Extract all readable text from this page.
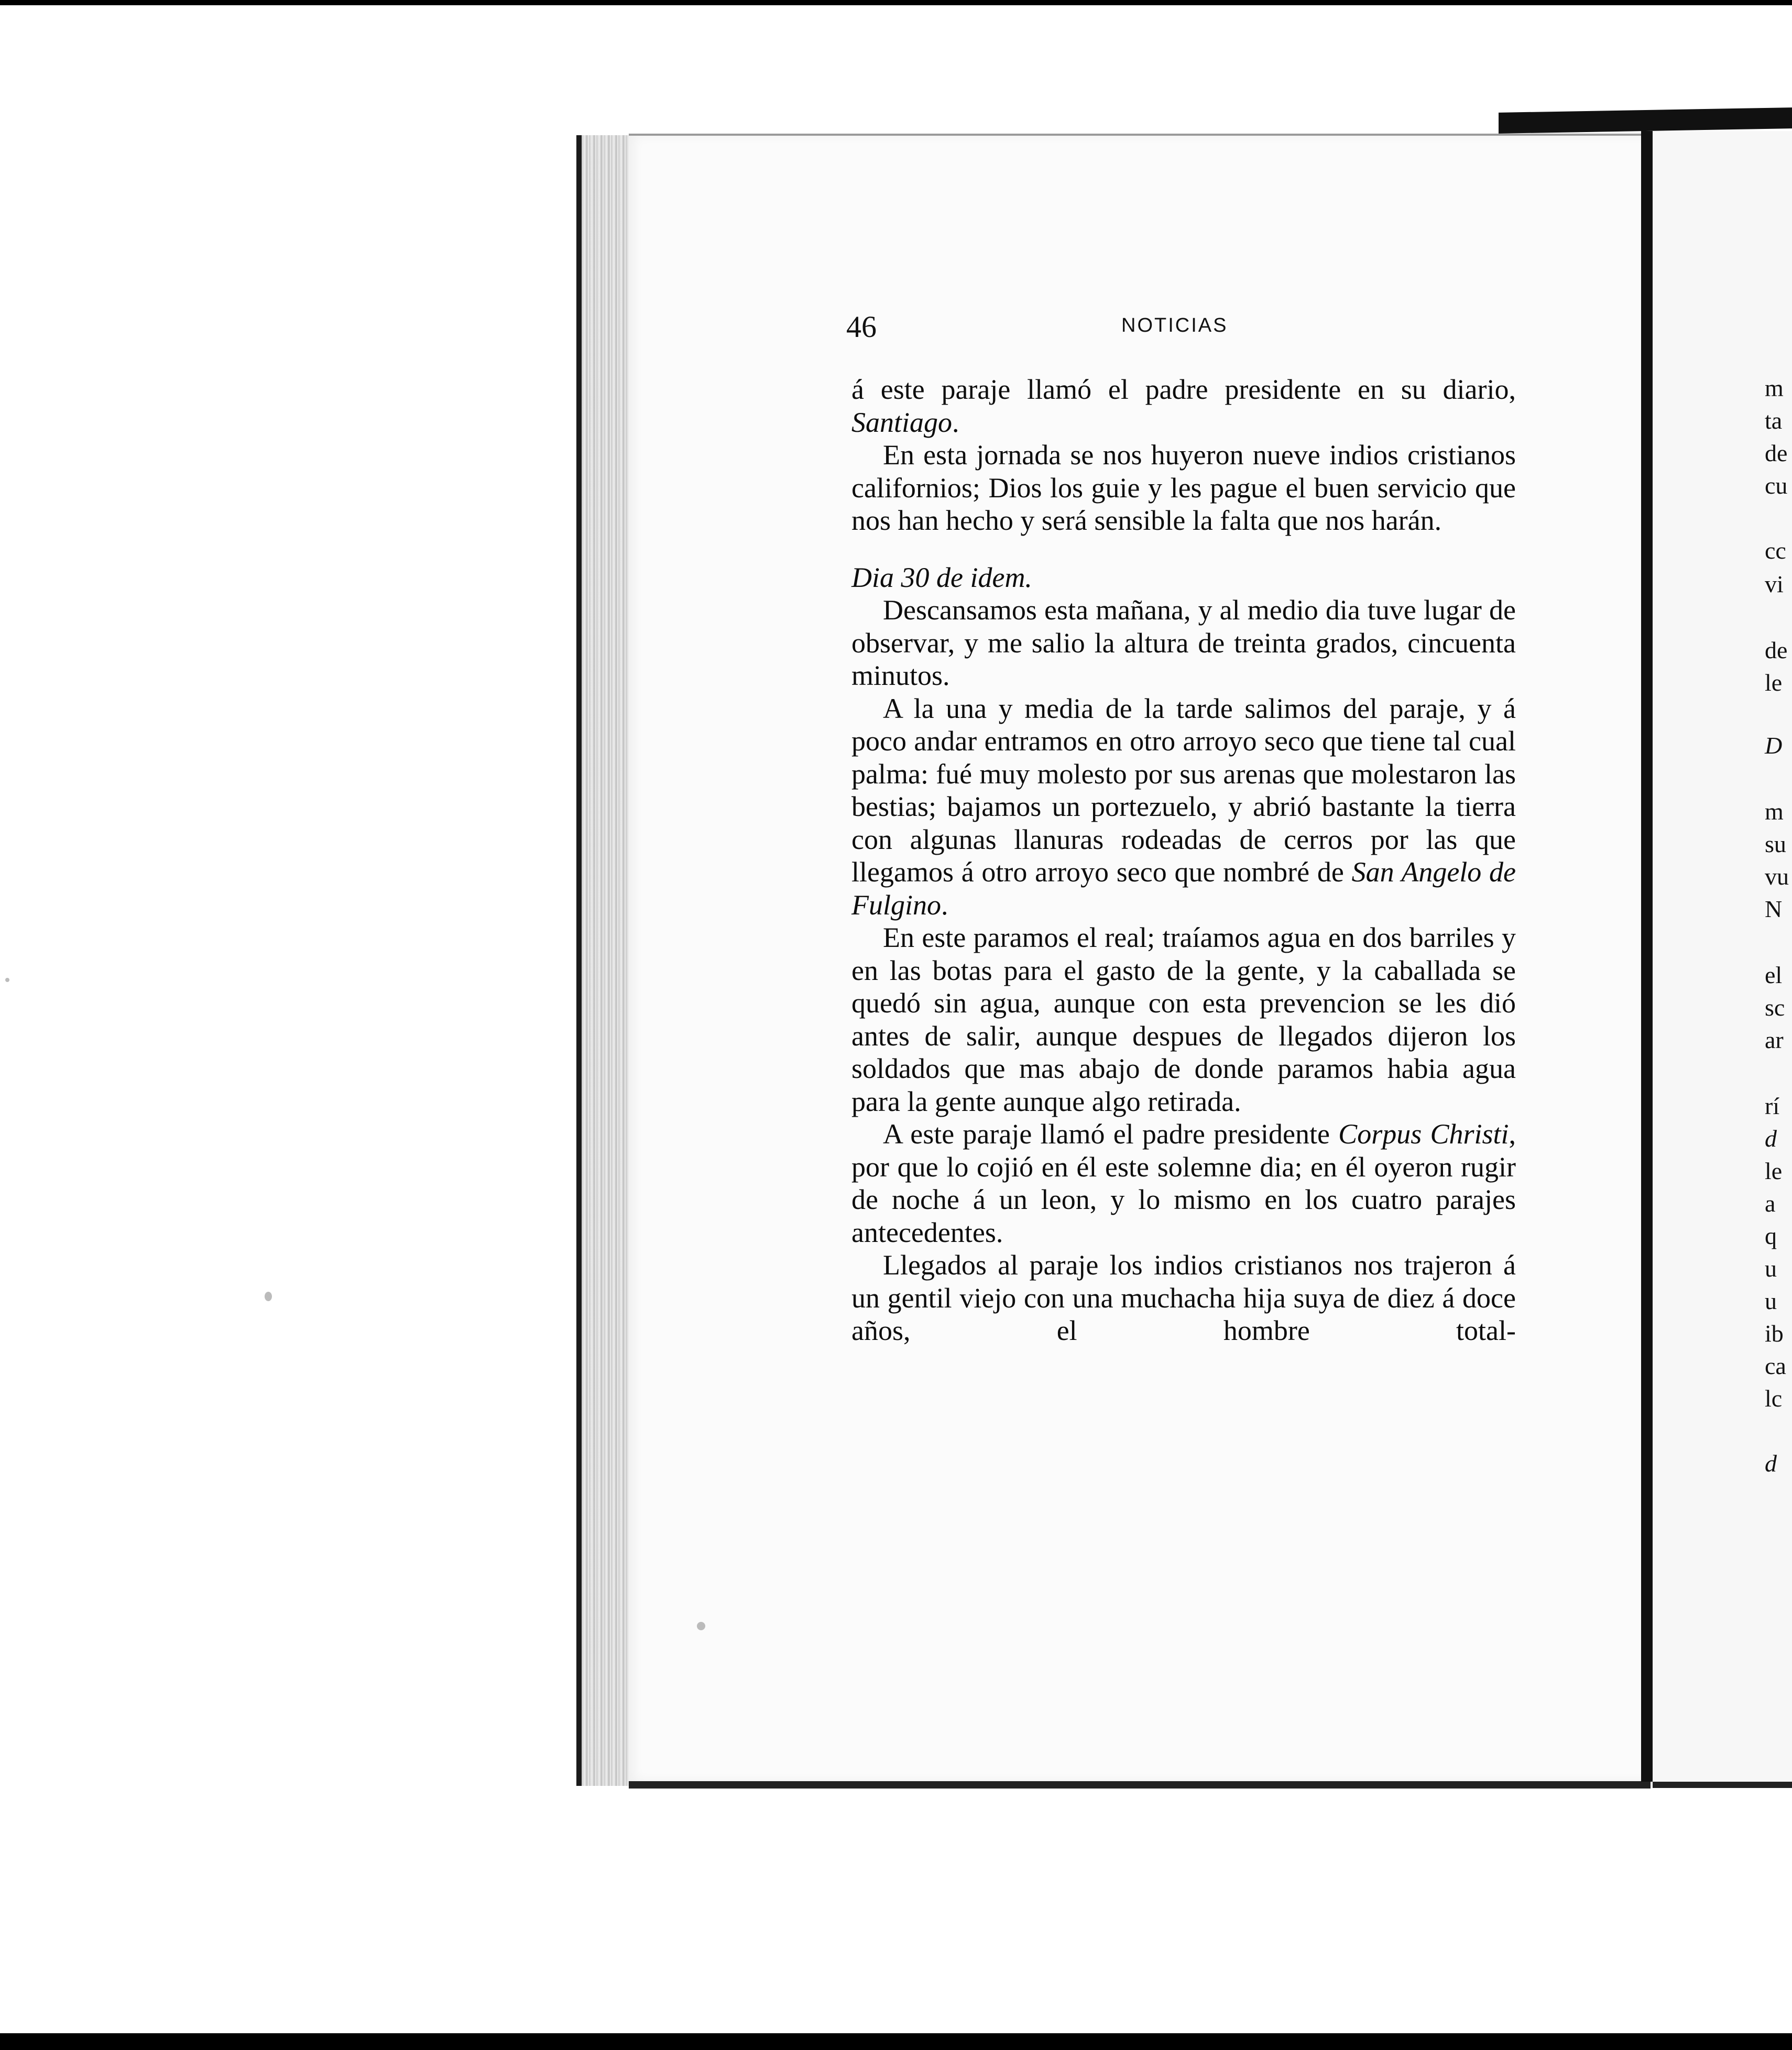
46	NOTICIAS

á este paraje llamó el padre presidente en su diario, Santiago.

En esta jornada se nos huyeron nueve indios cristianos californios; Dios los guie y les pague el buen servicio que nos han hecho y será sensible la falta que nos harán.

Dia 30 de idem.

Descansamos esta mañana, y al medio dia tuve lugar de observar, y me salio la altura de treinta grados, cincuenta minutos.

A la una y media de la tarde salimos del paraje, y á poco andar entramos en otro arroyo seco que tiene tal cual palma: fué muy molesto por sus arenas que molestaron las bestias; bajamos un portezuelo, y abrió bastante la tierra con algunas llanuras rodeadas de cerros por las que llegamos á otro arroyo seco que nombré de San Angelo de Fulgino.

En este paramos el real; traíamos agua en dos barriles y en las botas para el gasto de la gente, y la caballada se quedó sin agua, aunque con esta prevencion se les dió antes de salir, aunque despues de llegados dijeron los soldados que mas abajo de donde paramos habia agua para la gente aunque algo retirada.

A este paraje llamó el padre presidente Corpus Christi, por que lo cojió en él este solemne dia; en él oyeron rugir de noche á un leon, y lo mismo en los cuatro parajes antecedentes.

Llegados al paraje los indios cristianos nos trajeron á un gentil viejo con una muchacha hija suya de diez á doce años, el hombre total-

m
ta
de
cu
cc
vi
de
le
D
m
su
vu
N
el
sc
ar
rí
d
le
a
q
u
u
ib
ca
lc
d
